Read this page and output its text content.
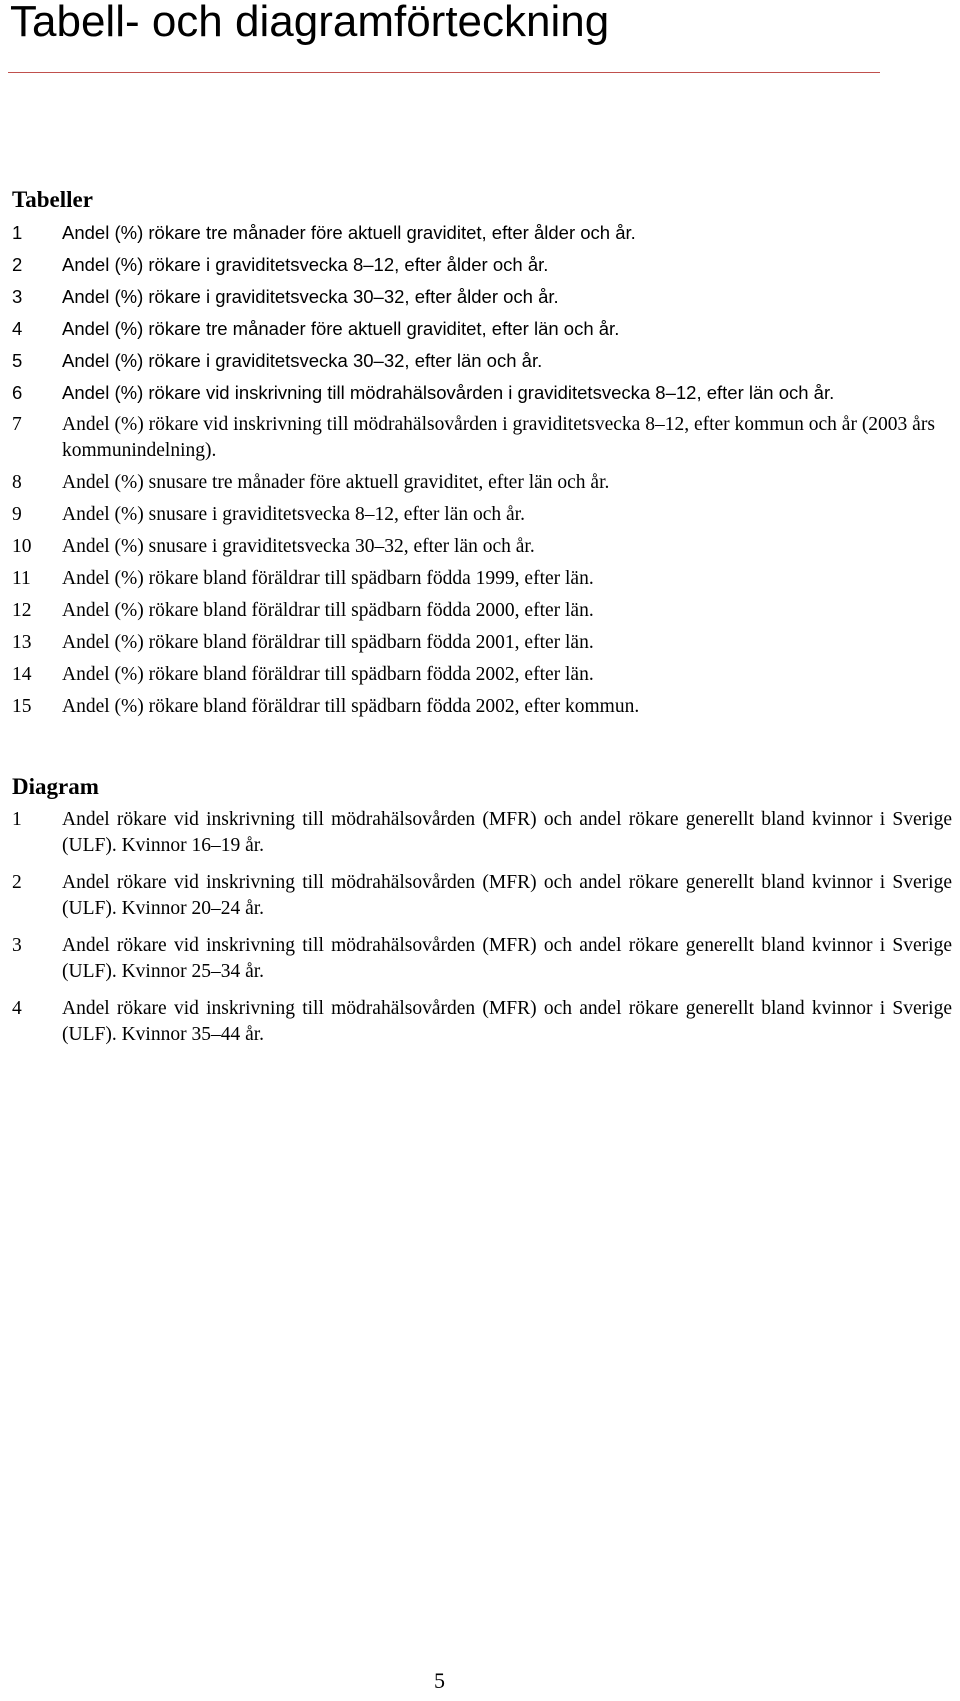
Tabell- och diagramförteckning
Tabeller
1	Andel (%) rökare tre månader före aktuell graviditet, efter ålder och år.
2	Andel (%) rökare i graviditetsvecka 8–12, efter ålder och år.
3	Andel (%) rökare i graviditetsvecka 30–32, efter ålder och år.
4	Andel (%) rökare tre månader före aktuell graviditet, efter län och år.
5	Andel (%) rökare i graviditetsvecka 30–32, efter län och år.
6	Andel (%) rökare vid inskrivning till mödrahälsovården i graviditetsvecka 8–12, efter län och år.
7	Andel (%) rökare vid inskrivning till mödrahälsovården i graviditetsvecka 8–12, efter kommun och år (2003 års kommunindelning).
8	Andel (%) snusare tre månader före aktuell graviditet, efter län och år.
9	Andel (%) snusare i graviditetsvecka 8–12, efter län och år.
10	Andel (%) snusare i graviditetsvecka 30–32, efter län och år.
11	Andel (%) rökare bland föräldrar till spädbarn födda 1999, efter län.
12	Andel (%) rökare bland föräldrar till spädbarn födda 2000, efter län.
13	Andel (%) rökare bland föräldrar till spädbarn födda 2001, efter län.
14	Andel (%) rökare bland föräldrar till spädbarn födda 2002, efter län.
15	Andel (%) rökare bland föräldrar till spädbarn födda 2002, efter kommun.
Diagram
1	Andel rökare vid inskrivning till mödrahälsovården (MFR) och andel rökare generellt bland kvinnor i Sverige (ULF). Kvinnor 16–19 år.
2	Andel rökare vid inskrivning till mödrahälsovården (MFR) och andel rökare generellt bland kvinnor i Sverige (ULF). Kvinnor 20–24 år.
3	Andel rökare vid inskrivning till mödrahälsovården (MFR) och andel rökare generellt bland kvinnor i Sverige (ULF). Kvinnor 25–34 år.
4	Andel rökare vid inskrivning till mödrahälsovården (MFR) och andel rökare generellt bland kvinnor i Sverige (ULF). Kvinnor 35–44 år.
5
